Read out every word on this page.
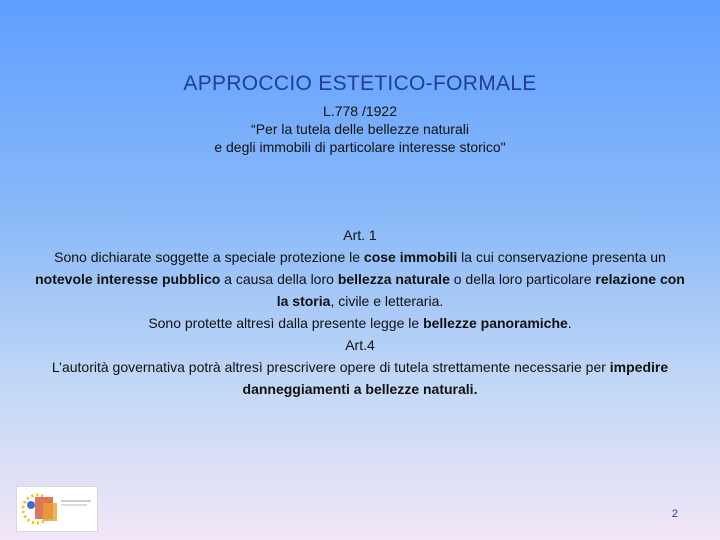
APPROCCIO ESTETICO-FORMALE
L.778 /1922
“Per la tutela delle bellezze naturali
e degli immobili di particolare interesse storico"

Art. 1

Sono dichiarate soggette a speciale protezione le cose immobili la cui conservazione presenta un notevole interesse pubblico a causa della loro bellezza naturale o della loro particolare relazione con la storia, civile e letteraria.

Sono protette altresì dalla presente legge le bellezze panoramiche.

Art.4

L’autorità governativa potrà altresì prescrivere opere di tutela strettamente necessarie per impedire danneggiamenti a bellezze naturali.

2
